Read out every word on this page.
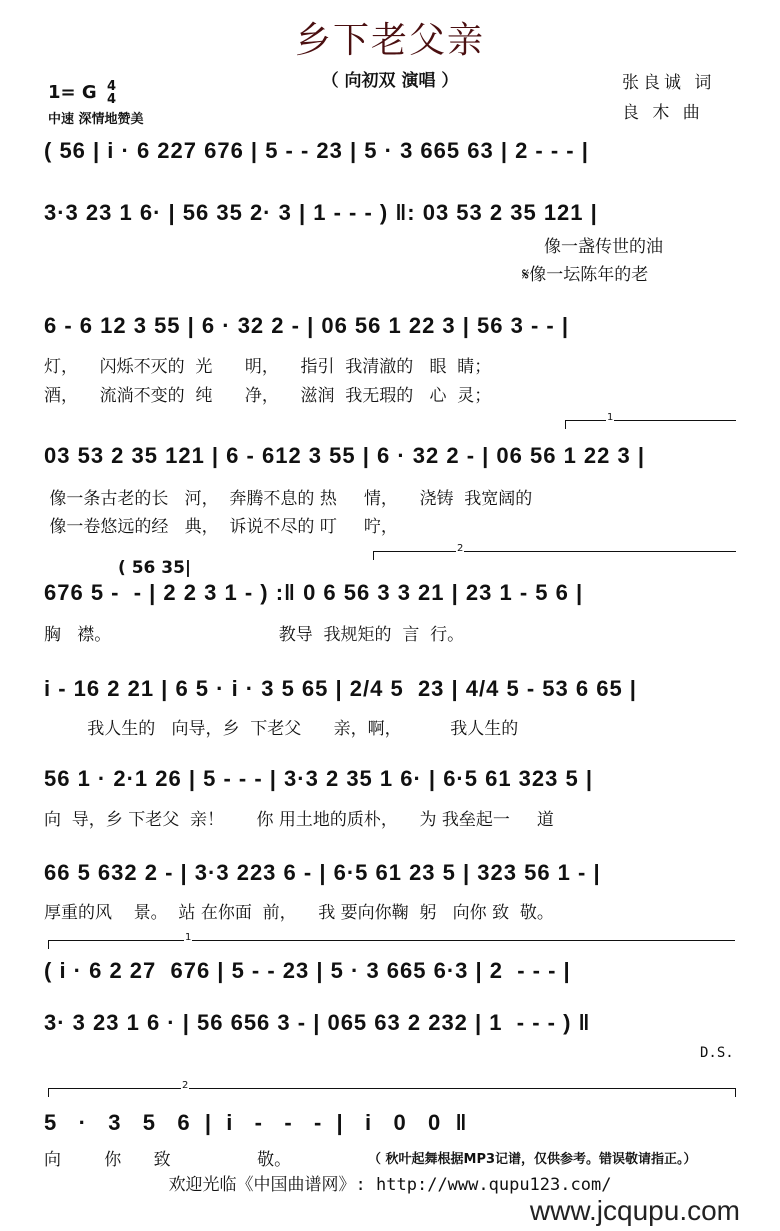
乡下老父亲
（ 向初双 演唱 ）	张良诚 词
良 木 曲
1= G 4
4
中速 深情地赞美
( 56 | i · 6 227 676 | 5 - - 23 | 5 · 3 665 63 | 2 - - - |
3·3 23 1 6· | 56 35 2· 3 | 1 - - - ) ‖: 03 53 2 35 121 |
像一盏传世的油
𝄋像一坛陈年的老
6 - 6 12 3 55 | 6 · 32 2 - | 06 56 1 22 3 | 56 3 - - |
灯，    闪烁不灭的  光      明，    指引  我清澈的   眼  睛；
酒，    流淌不变的  纯      净，    滋润  我无瑕的   心  灵；
1
03 53 2 35 121 | 6 - 612 3 55 | 6 · 32 2 - | 06 56 1 22 3 |
像一条古老的长   河，  奔腾不息的 热     情，    浇铸  我宽阔的
像一卷悠远的经   典，  诉说不尽的 叮     咛，
2
( 56 35|
676 5 -  - | 2 2 3 1 - ) :‖ 0 6 56 3 3 21 | 23 1 - 5 6 |
胸   襟。                               教导  我规矩的  言  行。
i - 16 2 21 | 6 5 · i · 3 5 65 | 2/4 5  23 | 4/4 5 - 53 6 65 |
我人生的   向导，乡  下老父      亲，啊，         我人生的
56 1 · 2·1 26 | 5 - - - | 3·3 2 35 1 6· | 6·5 61 323 5 |
向  导，乡 下老父  亲！      你 用土地的质朴，    为 我垒起一     道
66 5 632 2 - | 3·3 223 6 - | 6·5 61 23 5 | 323 56 1 - |
厚重的风    景。  站 在你面  前，    我 要向你鞠  躬   向你 致  敬。
1
( i · 6 2 27  676 | 5 - - 23 | 5 · 3 665 6·3 | 2  - - - |
3· 3 23 1 6 · | 56 656 3 - | 065 63 2 232 | 1  - - - ) ‖
D.S.
2
5   ·   3   5   6  |  i   -   -   -  |   i   0   0  ‖
向        你      致                敬。	（ 秋叶起舞根据MP3记谱，仅供参考。错误敬请指正。）
欢迎光临《中国曲谱网》: http://www.qupu123.com/
www.jcqupu.com
